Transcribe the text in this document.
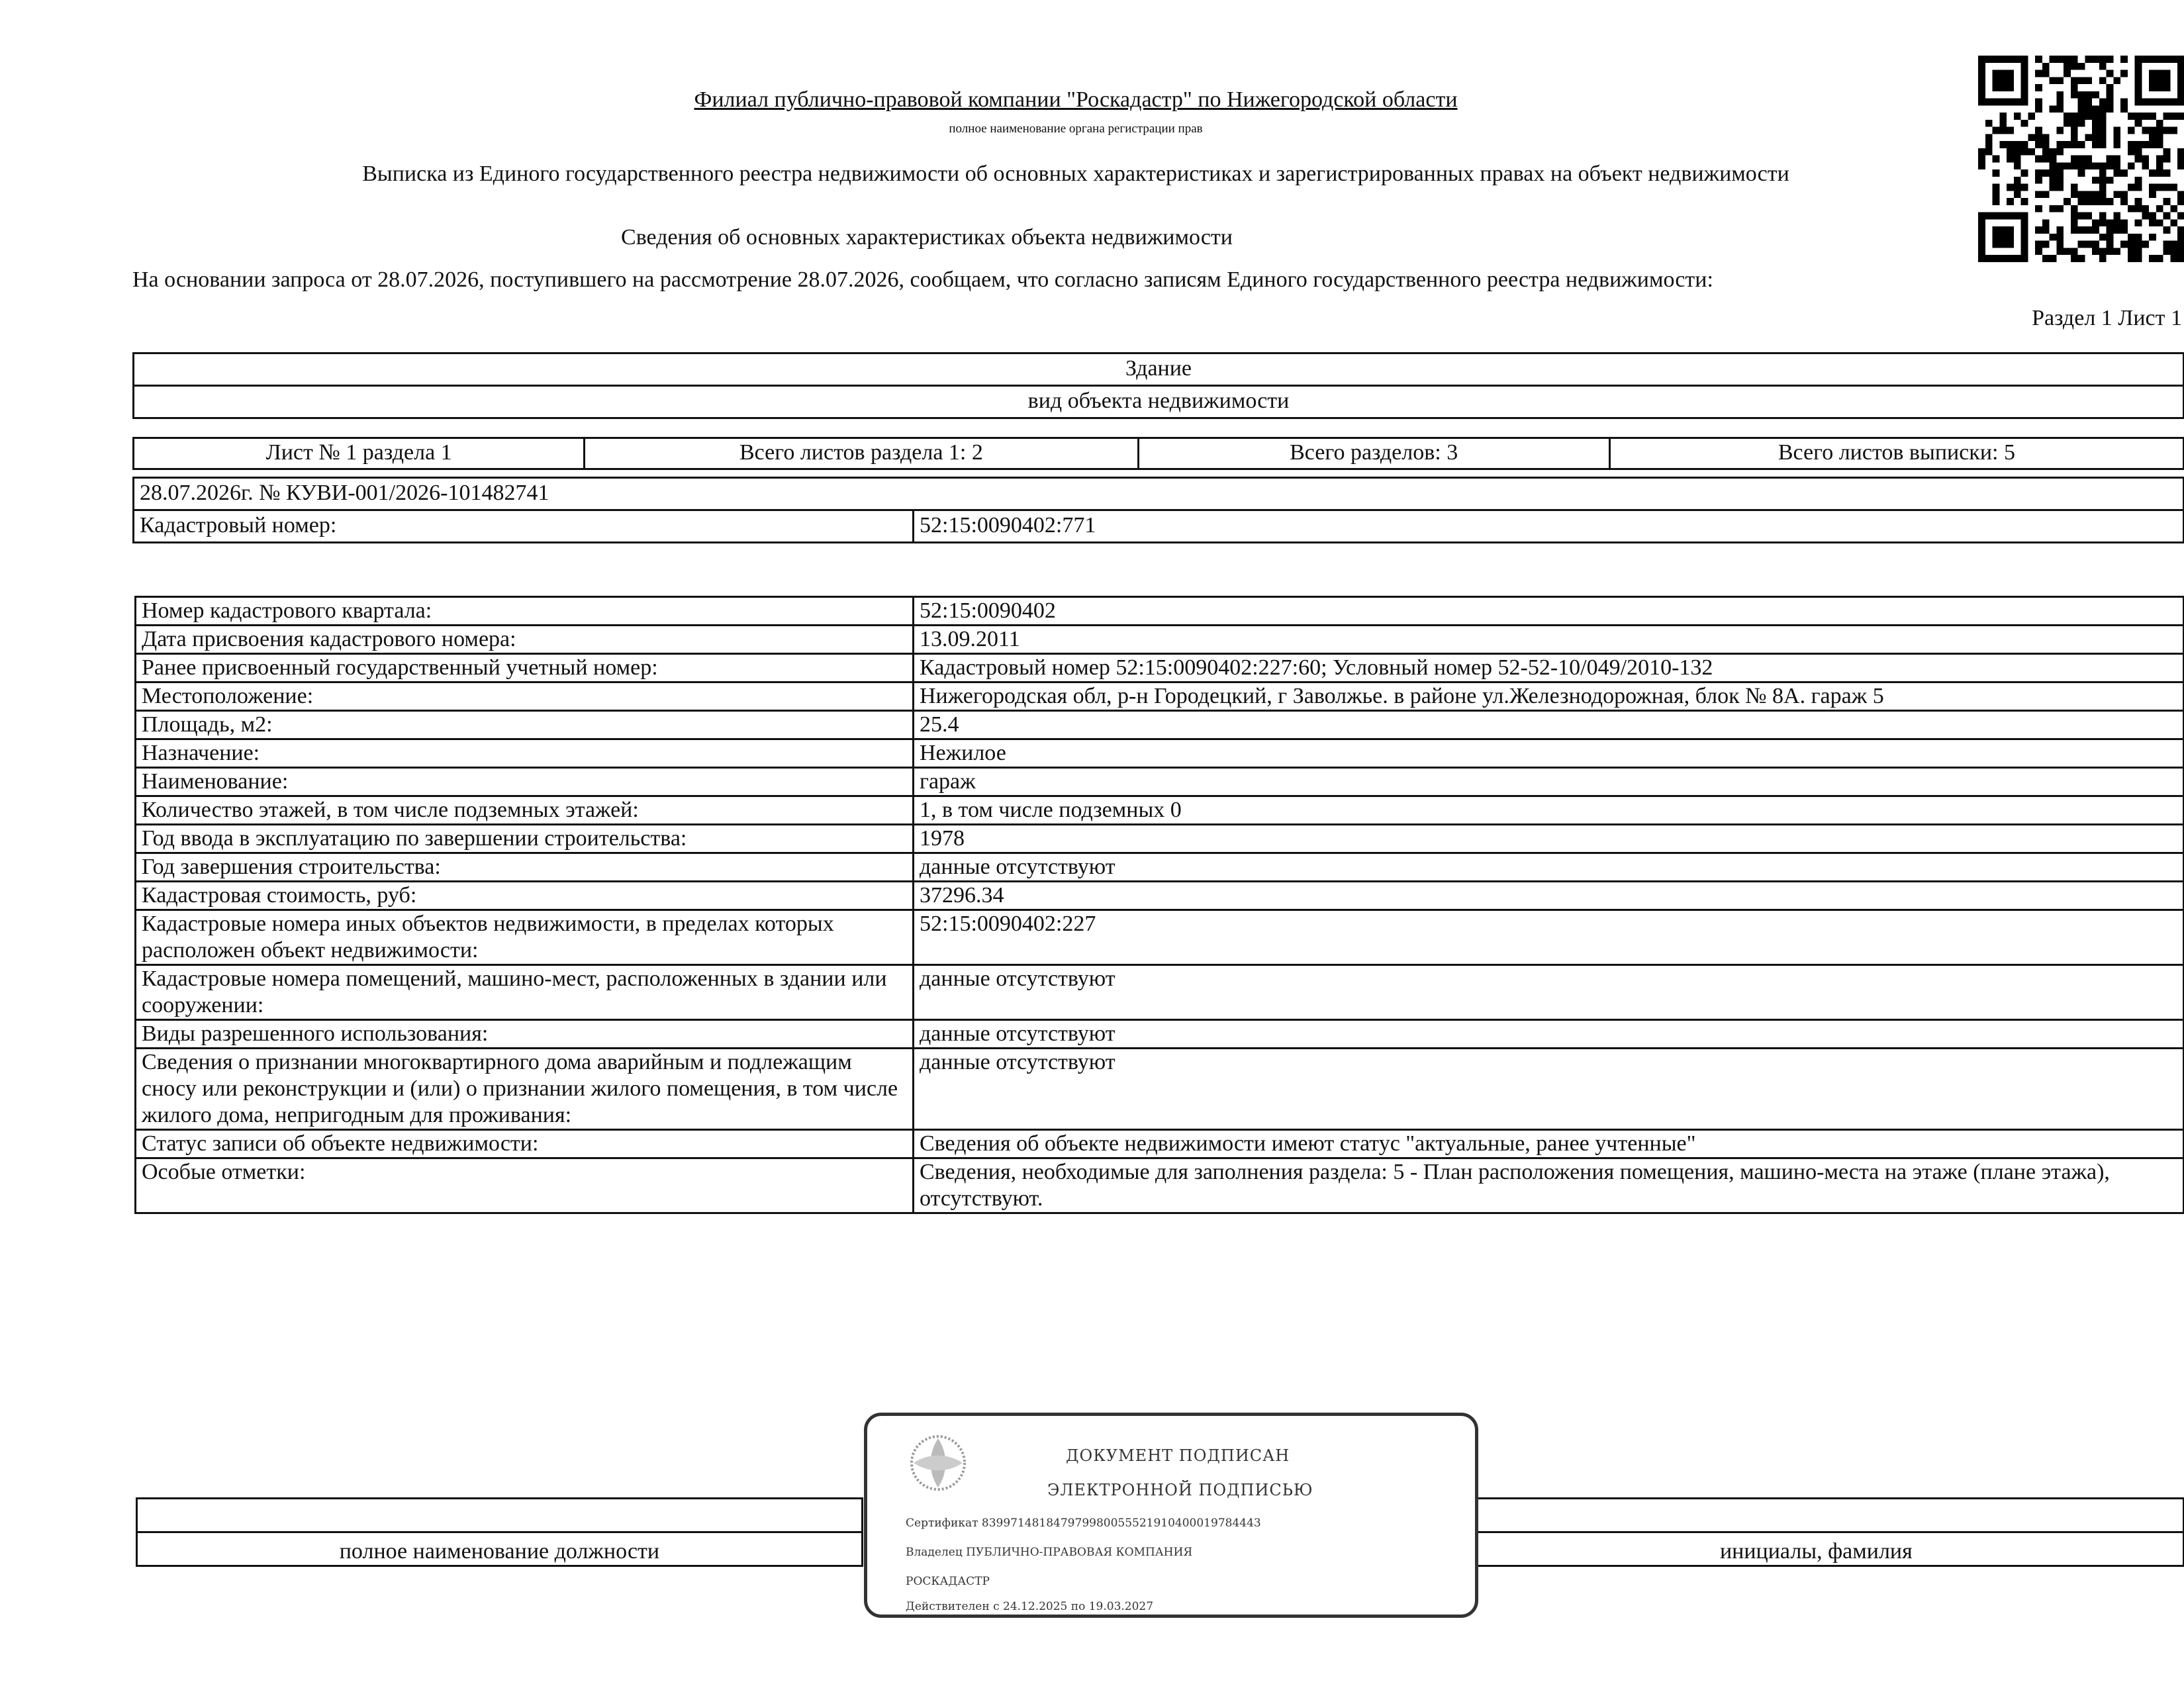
Филиал публично-правовой компании "Роскадастр" по Нижегородской области
полное наименование органа регистрации прав
Выписка из Единого государственного реестра недвижимости об основных характеристиках и зарегистрированных правах на объект недвижимости
Сведения об основных характеристиках объекта недвижимости
На основании запроса от 28.07.2026, поступившего на рассмотрение 28.07.2026, сообщаем, что согласно записям Единого государственного реестра недвижимости:
Раздел 1 Лист 1
Здание
вид объекта недвижимости
Лист № 1 раздела 1	Всего листов раздела 1: 2	Всего разделов: 3	Всего листов выписки: 5
28.07.2026г. № КУВИ-001/2026-101482741
Кадастровый номер:	52:15:0090402:771
Номер кадастрового квартала:	52:15:0090402
Дата присвоения кадастрового номера:	13.09.2011
Ранее присвоенный государственный учетный номер:	Кадастровый номер 52:15:0090402:227:60; Условный номер 52-52-10/049/2010-132
Местоположение:	Нижегородская обл, р-н Городецкий, г Заволжье. в районе ул.Железнодорожная, блок № 8А. гараж 5
Площадь, м2:	25.4
Назначение:	Нежилое
Наименование:	гараж
Количество этажей, в том числе подземных этажей:	1, в том числе подземных 0
Год ввода в эксплуатацию по завершении строительства:	1978
Год завершения строительства:	данные отсутствуют
Кадастровая стоимость, руб:	37296.34
Кадастровые номера иных объектов недвижимости, в пределах которых расположен объект недвижимости:	52:15:0090402:227
Кадастровые номера помещений, машино-мест, расположенных в здании или сооружении:	данные отсутствуют
Виды разрешенного использования:	данные отсутствуют
Сведения о признании многоквартирного дома аварийным и подлежащим сносу или реконструкции и (или) о признании жилого помещения, в том числе жилого дома, непригодным для проживания:	данные отсутствуют
Статус записи об объекте недвижимости:	Сведения об объекте недвижимости имеют статус "актуальные, ранее учтенные"
Особые отметки:	Сведения, необходимые для заполнения раздела: 5 - План расположения помещения, машино-места на этаже (плане этажа), отсутствуют.

полное наименование должности		инициалы, фамилия
ДОКУМЕНТ ПОДПИСАН
ЭЛЕКТРОННОЙ ПОДПИСЬЮ
Сертификат 839971481847979980055521910400019784443
Владелец ПУБЛИЧНО-ПРАВОВАЯ КОМПАНИЯ
РОСКАДАСТР
Действителен с 24.12.2025 по 19.03.2027
